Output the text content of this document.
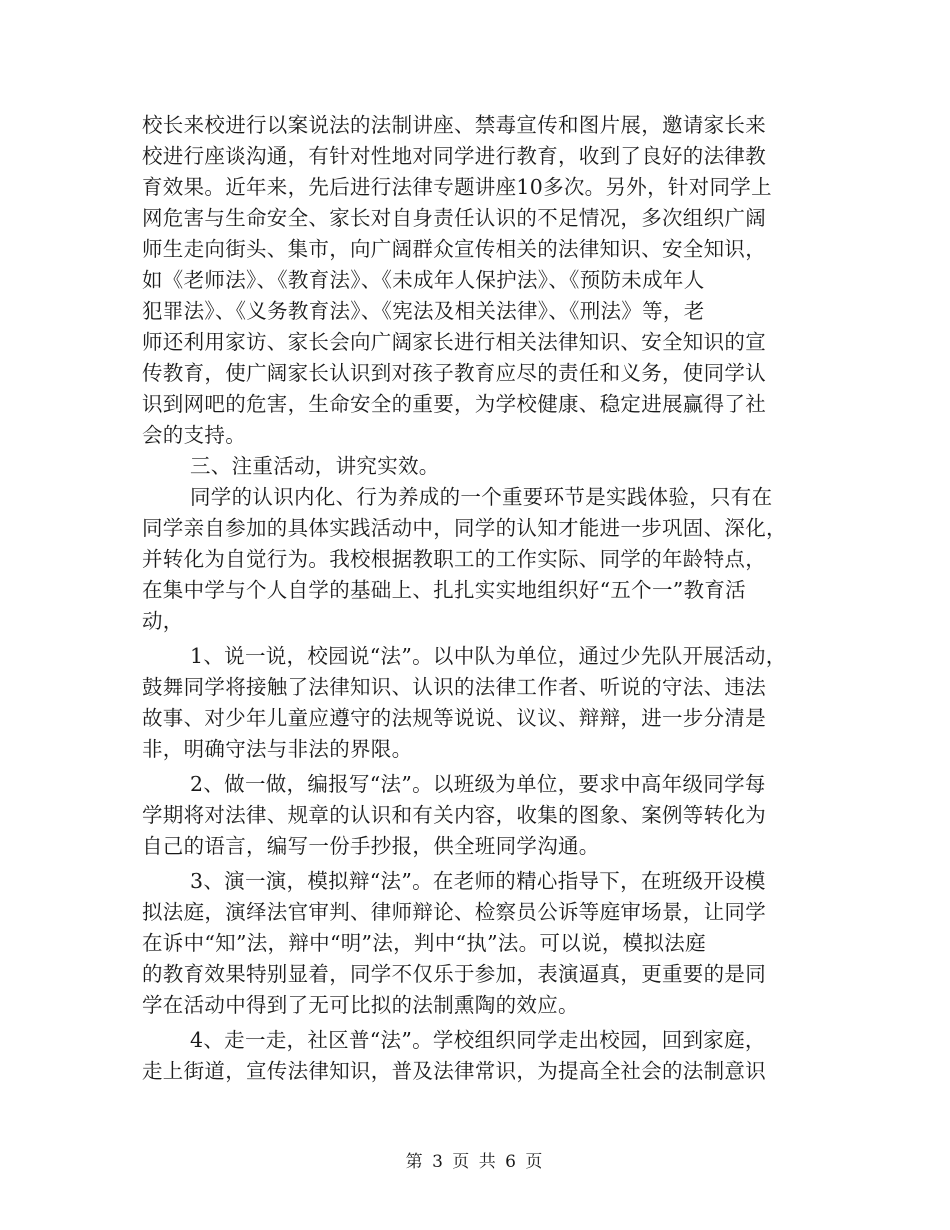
校长来校进行以案说法的法制讲座、禁毒宣传和图片展，邀请家长来
校进行座谈沟通，有针对性地对同学进行教育，收到了良好的法律教
育效果。近年来，先后进行法律专题讲座10多次。另外，针对同学上
网危害与生命安全、家长对自身责任认识的不足情况，多次组织广阔
师生走向街头、集市，向广阔群众宣传相关的法律知识、安全知识，
如《老师法》、《教育法》、《未成年人保护法》、《预防未成年人
犯罪法》、《义务教育法》、《宪法及相关法律》、《刑法》等，老
师还利用家访、家长会向广阔家长进行相关法律知识、安全知识的宣
传教育，使广阔家长认识到对孩子教育应尽的责任和义务，使同学认
识到网吧的危害，生命安全的重要，为学校健康、稳定进展赢得了社
会的支持。
三、注重活动，讲究实效。
同学的认识内化、行为养成的一个重要环节是实践体验，只有在
同学亲自参加的具体实践活动中，同学的认知才能进一步巩固、深化，
并转化为自觉行为。我校根据教职工的工作实际、同学的年龄特点，
在集中学与个人自学的基础上、扎扎实实地组织好“五个一”教育活
动，
1、说一说，校园说“法”。以中队为单位，通过少先队开展活动，
鼓舞同学将接触了法律知识、认识的法律工作者、听说的守法、违法
故事、对少年儿童应遵守的法规等说说、议议、辩辩，进一步分清是
非，明确守法与非法的界限。
2、做一做，编报写“法”。以班级为单位，要求中高年级同学每
学期将对法律、规章的认识和有关内容，收集的图象、案例等转化为
自己的语言，编写一份手抄报，供全班同学沟通。
3、演一演，模拟辩“法”。在老师的精心指导下，在班级开设模
拟法庭，演绎法官审判、律师辩论、检察员公诉等庭审场景，让同学
在诉中“知”法，辩中“明”法，判中“执”法。可以说，模拟法庭
的教育效果特别显着，同学不仅乐于参加，表演逼真，更重要的是同
学在活动中得到了无可比拟的法制熏陶的效应。
4、走一走，社区普“法”。学校组织同学走出校园，回到家庭，
走上街道，宣传法律知识，普及法律常识，为提高全社会的法制意识
第 3 页 共 6 页
